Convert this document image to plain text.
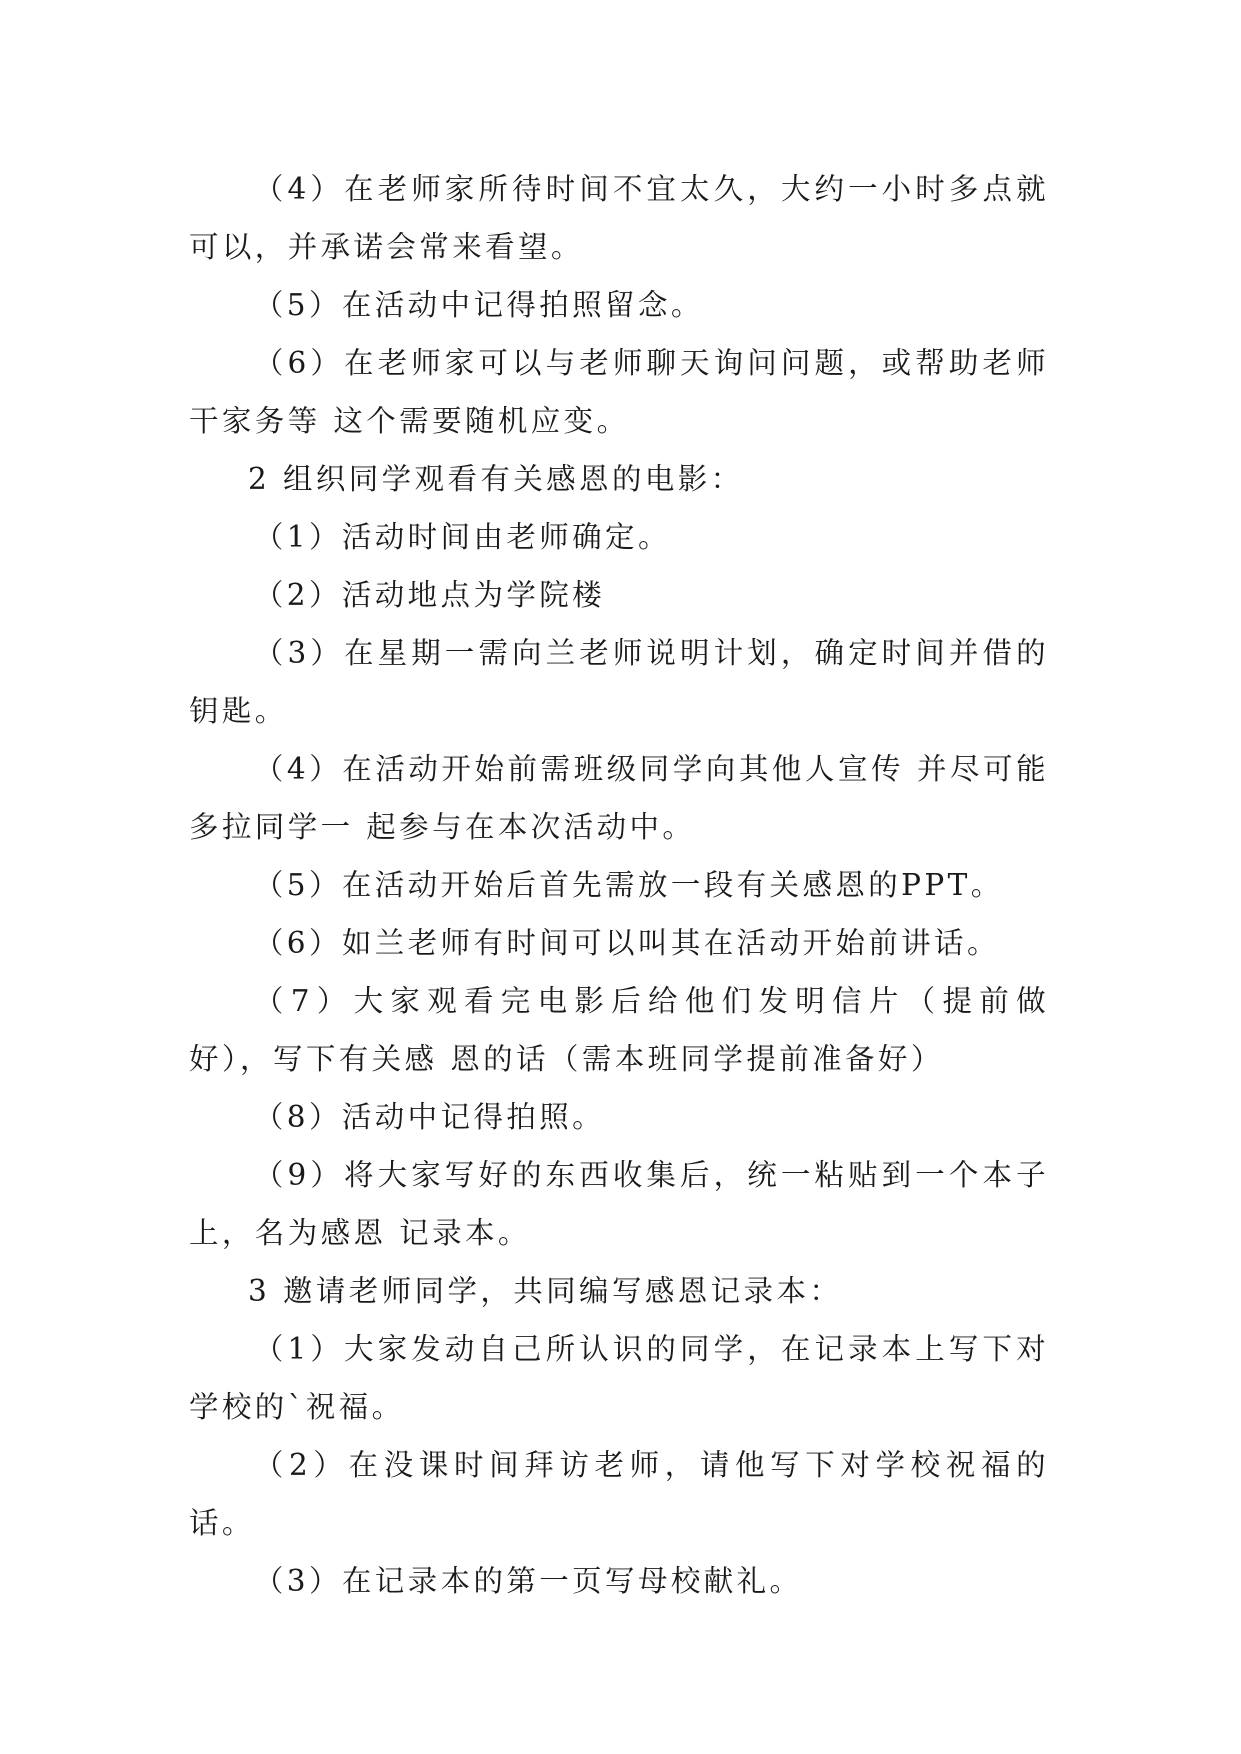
（4）在老师家所待时间不宜太久，大约一小时多点就可以，并承诺会常来看望。

（5）在活动中记得拍照留念。

（6）在老师家可以与老师聊天询问问题，或帮助老师干家务等 这个需要随机应变。

2 组织同学观看有关感恩的电影：

（1）活动时间由老师确定。

（2）活动地点为学院楼

（3）在星期一需向兰老师说明计划，确定时间并借的钥匙。

（4）在活动开始前需班级同学向其他人宣传 并尽可能多拉同学一 起参与在本次活动中。

（5）在活动开始后首先需放一段有关感恩的PPT。

（6）如兰老师有时间可以叫其在活动开始前讲话。

（7）大家观看完电影后给他们发明信片（提前做好），写下有关感 恩的话（需本班同学提前准备好）

（8）活动中记得拍照。

（9）将大家写好的东西收集后，统一粘贴到一个本子上，名为感恩 记录本。

3 邀请老师同学，共同编写感恩记录本：

（1）大家发动自己所认识的同学，在记录本上写下对学校的`祝福。

（2）在没课时间拜访老师，请他写下对学校祝福的话。

（3）在记录本的第一页写母校献礼。
